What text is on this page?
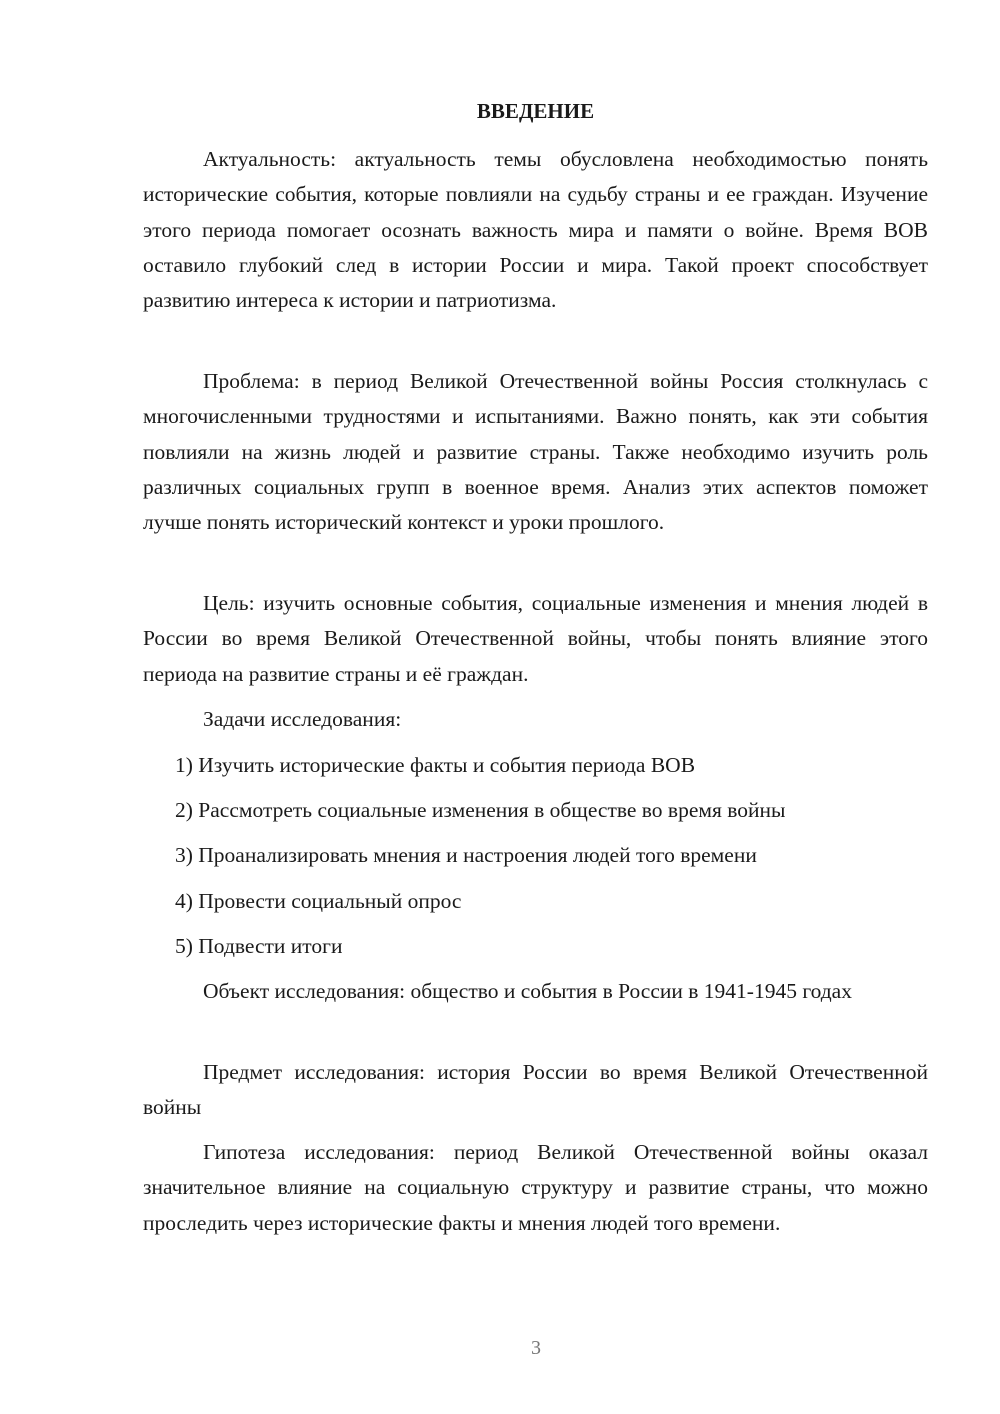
ВВЕДЕНИЕ

Актуальность: актуальность темы обусловлена необходимостью понять исторические события, которые повлияли на судьбу страны и ее граждан. Изучение этого периода помогает осознать важность мира и памяти о войне. Время ВОВ оставило глубокий след в истории России и мира. Такой проект способствует развитию интереса к истории и патриотизма.

Проблема: в период Великой Отечественной войны Россия столкнулась с многочисленными трудностями и испытаниями. Важно понять, как эти события повлияли на жизнь людей и развитие страны. Также необходимо изучить роль различных социальных групп в военное время. Анализ этих аспектов поможет лучше понять исторический контекст и уроки прошлого.

Цель: изучить основные события, социальные изменения и мнения людей в России во время Великой Отечественной войны, чтобы понять влияние этого периода на развитие страны и её граждан.

Задачи исследования:

1) Изучить исторические факты и события периода ВОВ

2) Рассмотреть социальные изменения в обществе во время войны

3) Проанализировать мнения и настроения людей того времени

4) Провести социальный опрос

5) Подвести итоги

Объект исследования: общество и события в России в 1941-1945 годах

Предмет исследования: история России во время Великой Отечественной войны

Гипотеза исследования: период Великой Отечественной войны оказал значительное влияние на социальную структуру и развитие страны, что можно проследить через исторические факты и мнения людей того времени.

3
